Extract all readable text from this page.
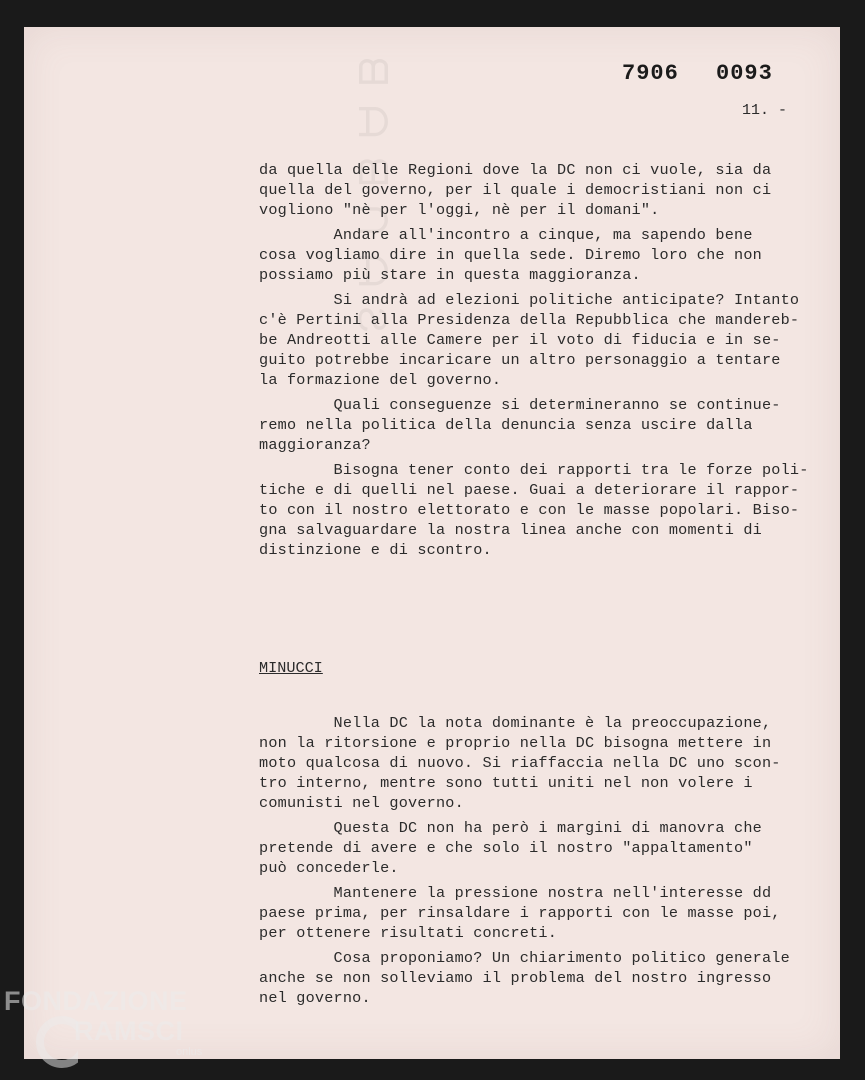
ᗺ ᗩ ᗺ ᑎ ᗩ Ƨ	7906 0093
11. -
da quella delle Regioni dove la DC non ci vuole, sia da
quella del governo, per il quale i democristiani non ci
vogliono "nè per l'oggi, nè per il domani".
Andare all'incontro a cinque, ma sapendo bene
cosa vogliamo dire in quella sede. Diremo loro che non
possiamo più stare in questa maggioranza.
Si andrà ad elezioni politiche anticipate? Intanto
c'è Pertini alla Presidenza della Repubblica che mandereb-
be Andreotti alle Camere per il voto di fiducia e in se-
guito potrebbe incaricare un altro personaggio a tentare
la formazione del governo.
Quali conseguenze si determineranno se continue-
remo nella politica della denuncia senza uscire dalla
maggioranza?
Bisogna tener conto dei rapporti tra le forze poli-
tiche e di quelli nel paese. Guai a deteriorare il rappor-
to con il nostro elettorato e con le masse popolari. Biso-
gna salvaguardare la nostra linea anche con momenti di
distinzione e di scontro.
MINUCCI
Nella DC la nota dominante è la preoccupazione,
non la ritorsione e proprio nella DC bisogna mettere in
moto qualcosa di nuovo. Si riaffaccia nella DC uno scon-
tro interno, mentre sono tutti uniti nel non volere i
comunisti nel governo.
Questa DC non ha però i margini di manovra che
pretende di avere e che solo il nostro "appaltamento"
può concederle.
Mantenere la pressione nostra nell'interesse dd
paese prima, per rinsaldare i rapporti con le masse poi,
per ottenere risultati concreti.
Cosa proponiamo? Un chiarimento politico generale
anche se non solleviamo il problema del nostro ingresso
nel governo.
FONDAZIONE
RAMSCI
onlus
